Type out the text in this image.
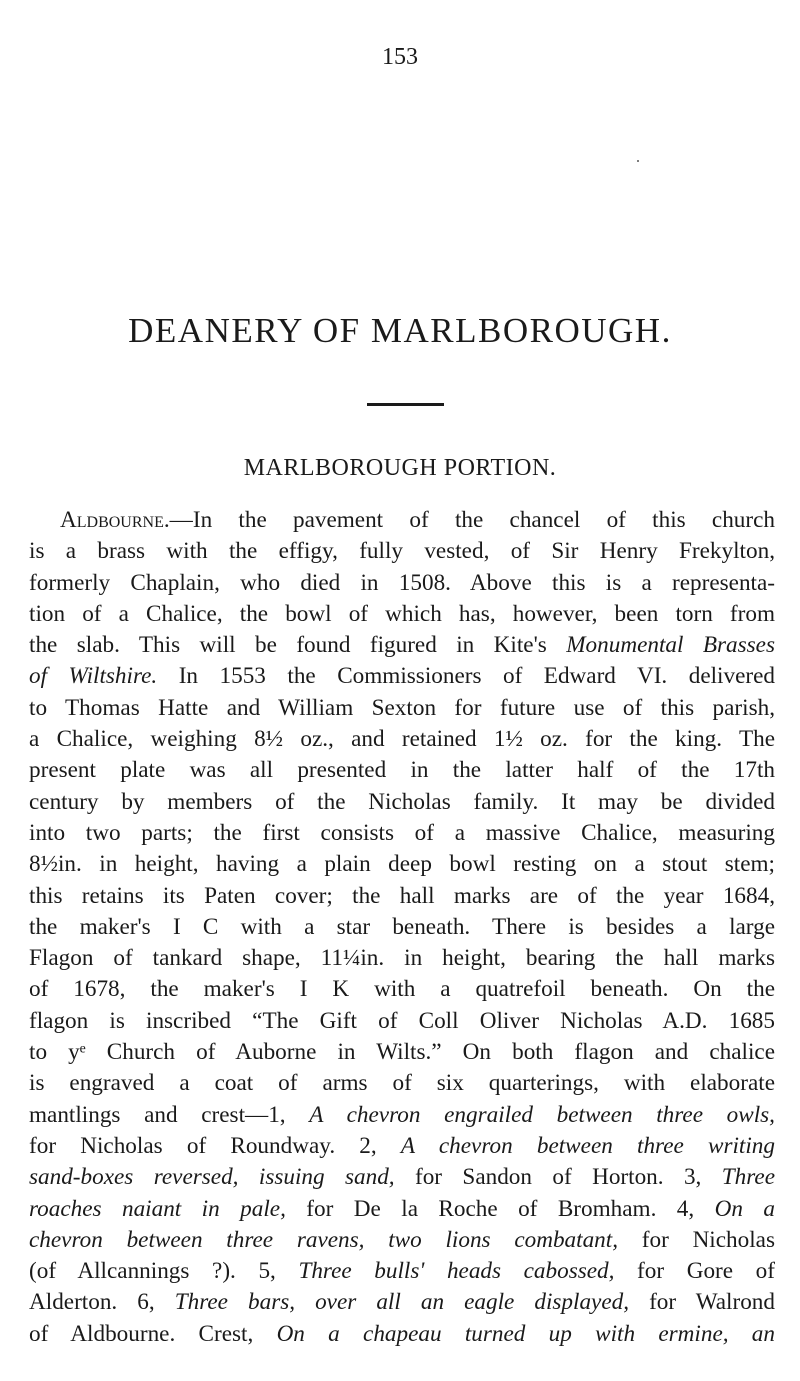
153
DEANERY OF MARLBOROUGH.
MARLBOROUGH PORTION.
Aldbourne.—In the pavement of the chancel of this church
is a brass with the effigy, fully vested, of Sir Henry Frekylton,
formerly Chaplain, who died in 1508. Above this is a representa-
tion of a Chalice, the bowl of which has, however, been torn from
the slab. This will be found figured in Kite's Monumental Brasses
of Wiltshire. In 1553 the Commissioners of Edward VI. delivered
to Thomas Hatte and William Sexton for future use of this parish,
a Chalice, weighing 8½ oz., and retained 1½ oz. for the king. The
present plate was all presented in the latter half of the 17th
century by members of the Nicholas family. It may be divided
into two parts; the first consists of a massive Chalice, measuring
8½in. in height, having a plain deep bowl resting on a stout stem;
this retains its Paten cover; the hall marks are of the year 1684,
the maker's I C with a star beneath. There is besides a large
Flagon of tankard shape, 11¼in. in height, bearing the hall marks
of 1678, the maker's I K with a quatrefoil beneath. On the
flagon is inscribed “The Gift of Coll Oliver Nicholas A.D. 1685
to yᵉ Church of Auborne in Wilts.” On both flagon and chalice
is engraved a coat of arms of six quarterings, with elaborate
mantlings and crest—1, A chevron engrailed between three owls,
for Nicholas of Roundway. 2, A chevron between three writing
sand-boxes reversed, issuing sand, for Sandon of Horton. 3, Three
roaches naiant in pale, for De la Roche of Bromham. 4, On a
chevron between three ravens, two lions combatant, for Nicholas
(of Allcannings ?). 5, Three bulls' heads cabossed, for Gore of
Alderton. 6, Three bars, over all an eagle displayed, for Walrond
of Aldbourne. Crest, On a chapeau turned up with ermine, an
